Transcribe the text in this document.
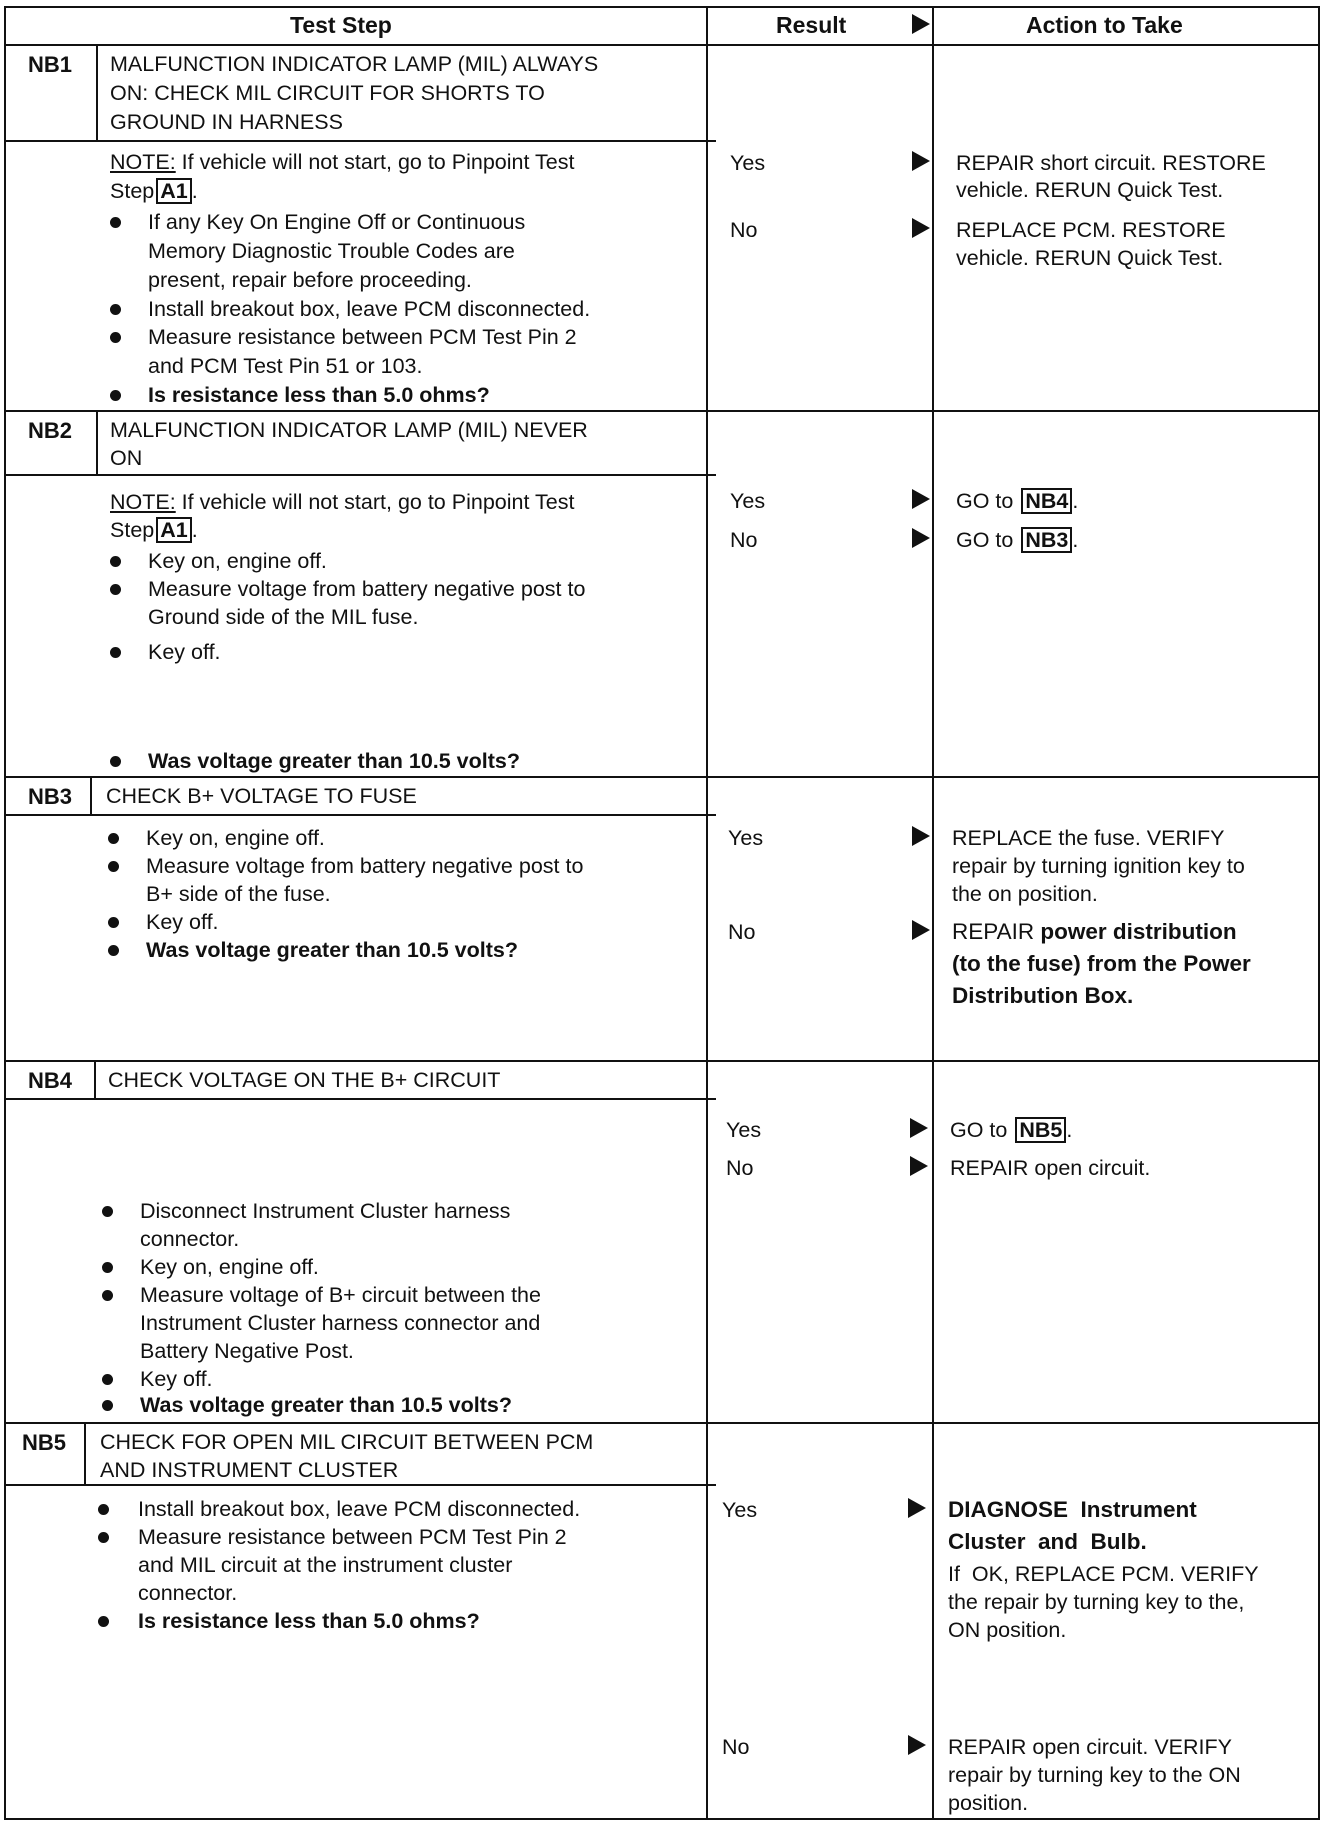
Test Step	Result	Action to Take
NB1 MALFUNCTION INDICATOR LAMP (MIL) ALWAYS
ON: CHECK MIL CIRCUIT FOR SHORTS TO
GROUND IN HARNESS
NOTE: If vehicle will not start, go to Pinpoint Test
Step A1 .
If any Key On Engine Off or Continuous
Memory Diagnostic Trouble Codes are
present, repair before proceeding.
Install breakout box, leave PCM disconnected.
Measure resistance between PCM Test Pin 2
and PCM Test Pin 51 or 103.
Is resistance less than 5.0 ohms?
Yes
No
REPAIR short circuit. RESTORE
vehicle. RERUN Quick Test.
REPLACE PCM. RESTORE
vehicle. RERUN Quick Test.
NB2 MALFUNCTION INDICATOR LAMP (MIL) NEVER
ON
NOTE: If vehicle will not start, go to Pinpoint Test
Step A1 .
Key on, engine off.
Measure voltage from battery negative post to
Ground side of the MIL fuse.
Key off.
Was voltage greater than 10.5 volts?
Yes
No
GO to NB4 .
GO to NB3 .
NB3 CHECK B+ VOLTAGE TO FUSE
Key on, engine off.
Measure voltage from battery negative post to
B+ side of the fuse.
Key off.
Was voltage greater than 10.5 volts?
Yes
No
REPLACE the fuse. VERIFY
repair by turning ignition key to
the on position.
REPAIR power distribution
(to the fuse) from the Power
Distribution Box.
NB4 CHECK VOLTAGE ON THE B+ CIRCUIT
Disconnect Instrument Cluster harness
connector.
Key on, engine off.
Measure voltage of B+ circuit between the
Instrument Cluster harness connector and
Battery Negative Post.
Key off.
Was voltage greater than 10.5 volts?
Yes
No
GO to NB5 .
REPAIR open circuit.
NB5 CHECK FOR OPEN MIL CIRCUIT BETWEEN PCM
AND INSTRUMENT CLUSTER
Install breakout box, leave PCM disconnected.
Measure resistance between PCM Test Pin 2
and MIL circuit at the instrument cluster
connector.
Is resistance less than 5.0 ohms?
Yes
No
DIAGNOSE  Instrument
Cluster  and  Bulb.
If  OK, REPLACE PCM. VERIFY
the repair by turning key to the,
ON position.
REPAIR open circuit. VERIFY
repair by turning key to the ON
position.
